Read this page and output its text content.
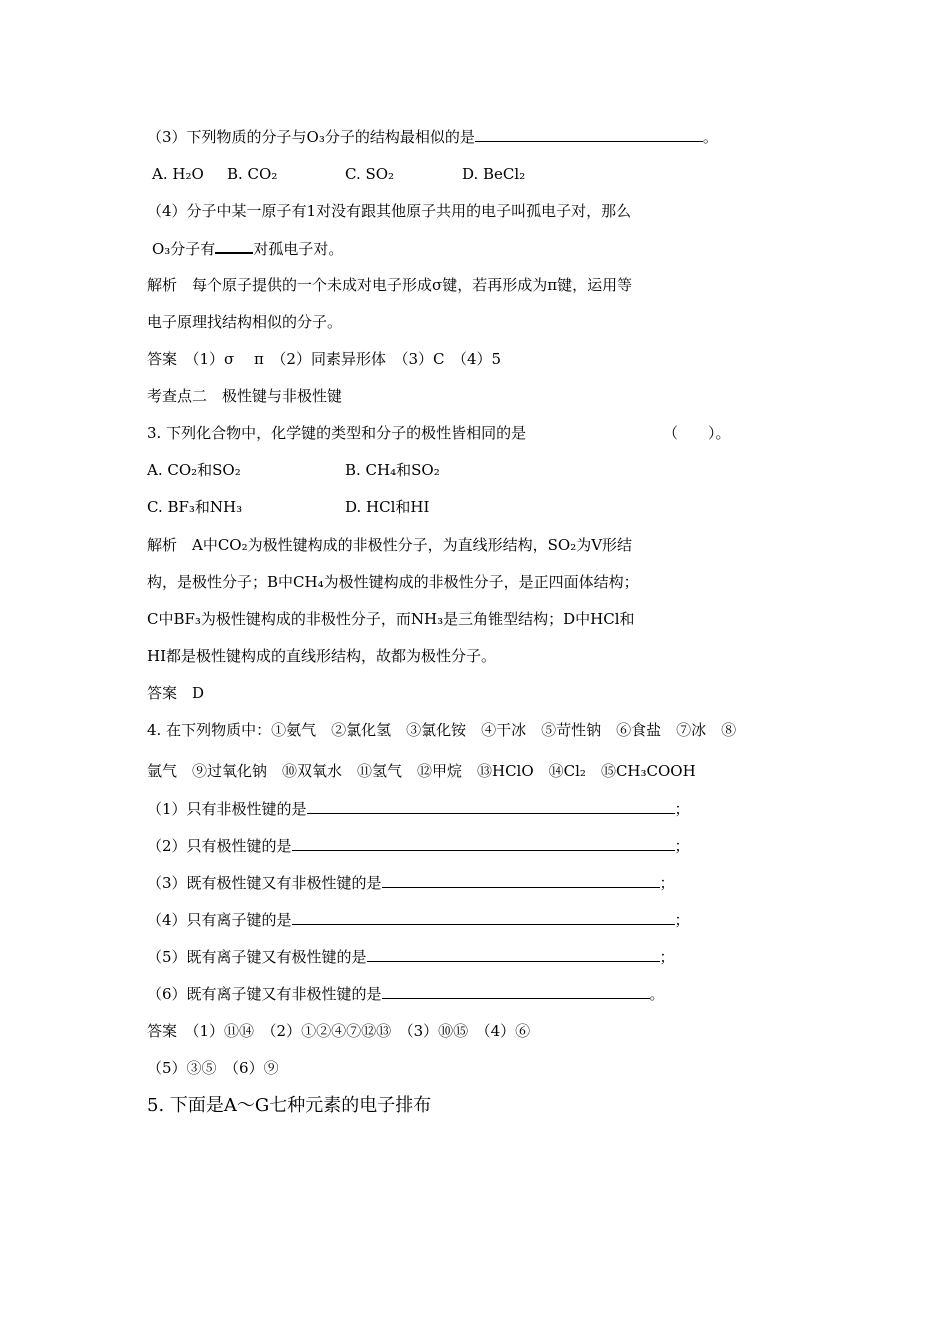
（3）下列物质的分子与O₃分子的结构最相似的是	。
A. H₂O B. CO₂	C. SO₂	D. BeCl₂
（4）分子中某一原子有1对没有跟其他原子共用的电子叫孤电子对，那么
O₃分子有	对孤电子对。
解析　每个原子提供的一个未成对电子形成σ键，若再形成为π键，运用等
电子原理找结构相似的分子。
答案　（1）σ　 π　（2）同素异形体　（3）C　（4）5
考查点二　极性键与非极性键
3. 下列化合物中，化学键的类型和分子的极性皆相同的是	（　　）。
A. CO₂和SO₂	B. CH₄和SO₂
C. BF₃和NH₃	D. HCl和HI
解析　A中CO₂为极性键构成的非极性分子，为直线形结构，SO₂为V形结
构，是极性分子；B中CH₄为极性键构成的非极性分子，是正四面体结构；
C中BF₃为极性键构成的非极性分子，而NH₃是三角锥型结构；D中HCl和
HI都是极性键构成的直线形结构，故都为极性分子。
答案　D
4. 在下列物质中：①氨气　②氯化氢　③氯化铵　④干冰　⑤苛性钠　⑥食盐　⑦冰　⑧
氩气　⑨过氧化钠　⑩双氧水　⑪氢气　⑫甲烷　⑬HClO　⑭Cl₂　⑮CH₃COOH
（1）只有非极性键的是	；
（2）只有极性键的是	；
（3）既有极性键又有非极性键的是	；
（4）只有离子键的是	；
（5）既有离子键又有极性键的是	；
（6）既有离子键又有非极性键的是	。
答案　（1）⑪⑭　（2）①②④⑦⑫⑬　（3）⑩⑮　（4）⑥
（5）③⑤　（6）⑨
5. 下面是A～G七种元素的电子排布
